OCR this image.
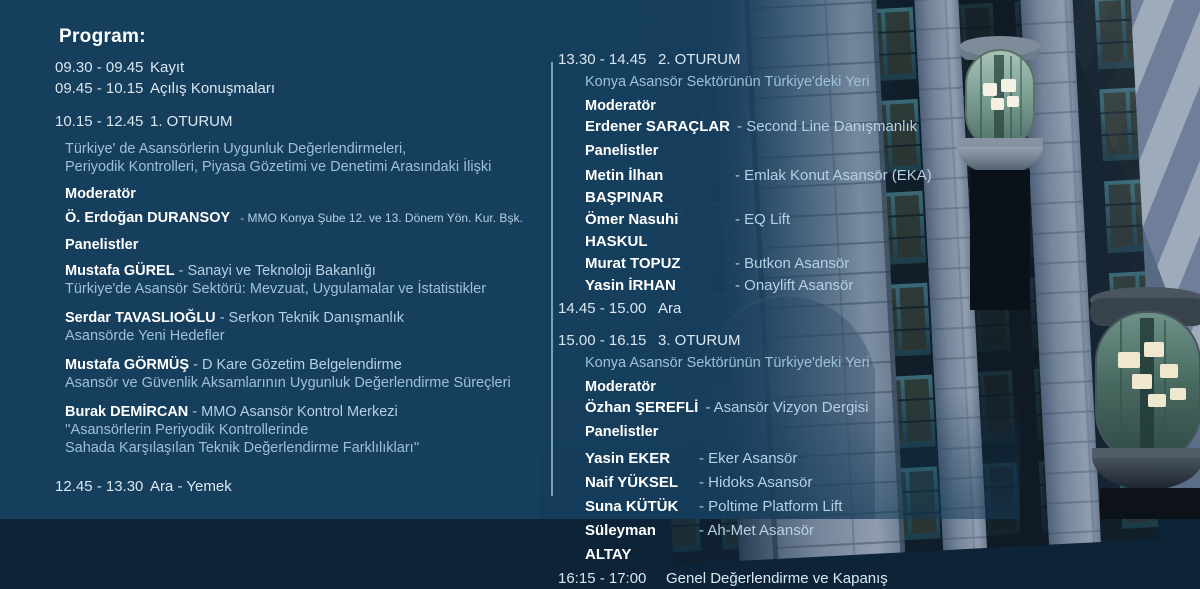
Program:
09.30 - 09.45 Kayıt
09.45 - 10.15 Açılış Konuşmaları
10.15 - 12.45 1. OTURUM
Türkiye' de Asansörlerin Uygunluk Değerlendirmeleri,
Periyodik Kontrolleri, Piyasa Gözetimi ve Denetimi Arasındaki İlişki
Moderatör
Ö. Erdoğan DURANSOY - MMO Konya Şube 12. ve 13. Dönem Yön. Kur. Bşk.
Panelistler
Mustafa GÜREL - Sanayi ve Teknoloji Bakanlığı
Türkiye'de Asansör Sektörü: Mevzuat, Uygulamalar ve İstatistikler
Serdar TAVASLIOĞLU - Serkon Teknik Danışmanlık
Asansörde Yeni Hedefler
Mustafa GÖRMÜŞ - D Kare Gözetim Belgelendirme
Asansör ve Güvenlik Aksamlarının Uygunluk Değerlendirme Süreçleri
Burak DEMİRCAN - MMO Asansör Kontrol Merkezi
''Asansörlerin Periyodik Kontrollerinde
Sahada Karşılaşılan Teknik Değerlendirme Farklılıkları''
12.45 - 13.30 Ara - Yemek
13.30 - 14.45 2. OTURUM
Konya Asansör Sektörünün Türkiye'deki Yeri
Moderatör
Erdener SARAÇLAR - Second Line Danışmanlık
Panelistler
Metin İlhan BAŞPINAR
- Emlak Konut Asansör (EKA)
Ömer Nasuhi HASKUL
- EQ Lift
Murat TOPUZ	- Butkon Asansör
Yasin İRHAN	- Onaylift Asansör
14.45 - 15.00 Ara
15.00 - 16.15 3. OTURUM
Konya Asansör Sektörünün Türkiye'deki Yeri
Moderatör
Özhan ŞEREFLİ - Asansör Vizyon Dergisi
Panelistler
Yasin EKER	- Eker Asansör
Naif YÜKSEL	- Hidoks Asansör
Suna KÜTÜK	- Poltime Platform Lift
Süleyman ALTAY
- Ah-Met Asansör
16:15 - 17:00	Genel Değerlendirme ve Kapanış
